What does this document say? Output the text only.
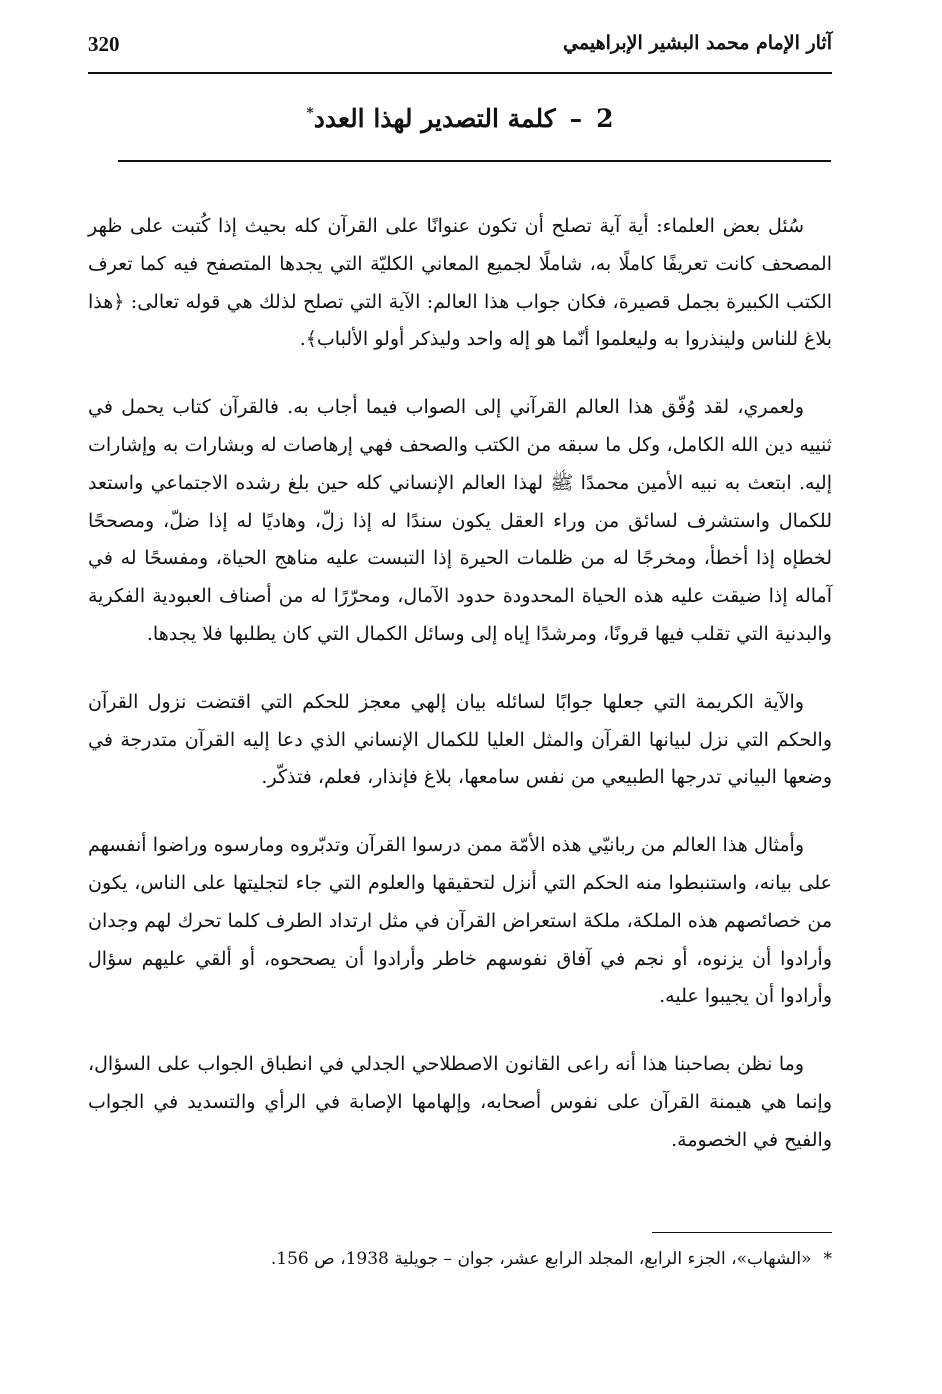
320	آثار الإمام محمد البشير الإبراهيمي
2–كلمة التصدير لهذا العدد*

سُئل بعض العلماء: أية آية تصلح أن تكون عنوانًا على القرآن كله بحيث إذا كُتبت على ظهر المصحف كانت تعريفًا كاملًا به، شاملًا لجميع المعاني الكليّة التي يجدها المتصفح فيه كما تعرف الكتب الكبيرة بجمل قصيرة، فكان جواب هذا العالم: الآية التي تصلح لذلك هي قوله تعالى: ﴿هذا بلاغ للناس ولينذروا به وليعلموا أنّما هو إله واحد وليذكر أولو الألباب﴾.

ولعمري، لقد وُفّق هذا العالم القرآني إلى الصواب فيما أجاب به. فالقرآن كتاب يحمل في ثنييه دين الله الكامل، وكل ما سبقه من الكتب والصحف فهي إرهاصات له وبشارات به وإشارات إليه. ابتعث به نبيه الأمين محمدًا ﷺ لهذا العالم الإنساني كله حين بلغ رشده الاجتماعي واستعد للكمال واستشرف لسائق من وراء العقل يكون سندًا له إذا زلّ، وهاديًا له إذا ضلّ، ومصححًا لخطإه إذا أخطأ، ومخرجًا له من ظلمات الحيرة إذا التبست عليه مناهج الحياة، ومفسحًا له في آماله إذا ضيقت عليه هذه الحياة المحدودة حدود الآمال، ومحرّرًا له من أصناف العبودية الفكرية والبدنية التي تقلب فيها قرونًا، ومرشدًا إياه إلى وسائل الكمال التي كان يطلبها فلا يجدها.

والآية الكريمة التي جعلها جوابًا لسائله بيان إلهي معجز للحكم التي اقتضت نزول القرآن والحكم التي نزل لبيانها القرآن والمثل العليا للكمال الإنساني الذي دعا إليه القرآن متدرجة في وضعها البياني تدرجها الطبيعي من نفس سامعها، بلاغ فإنذار، فعلم، فتذكّر.

وأمثال هذا العالم من ربانيّي هذه الأمّة ممن درسوا القرآن وتدبّروه ومارسوه وراضوا أنفسهم على بيانه، واستنبطوا منه الحكم التي أنزل لتحقيقها والعلوم التي جاء لتجليتها على الناس، يكون من خصائصهم هذه الملكة، ملكة استعراض القرآن في مثل ارتداد الطرف كلما تحرك لهم وجدان وأرادوا أن يزنوه، أو نجم في آفاق نفوسهم خاطر وأرادوا أن يصححوه، أو ألقي عليهم سؤال وأرادوا أن يجيبوا عليه.

وما نظن بصاحبنا هذا أنه راعى القانون الاصطلاحي الجدلي في انطباق الجواب على السؤال، وإنما هي هيمنة القرآن على نفوس أصحابه، وإلهامها الإصابة في الرأي والتسديد في الجواب والفيح في الخصومة.

*«الشهاب»، الجزء الرابع، المجلد الرابع عشر، جوان – جويلية 1938، ص 156.
